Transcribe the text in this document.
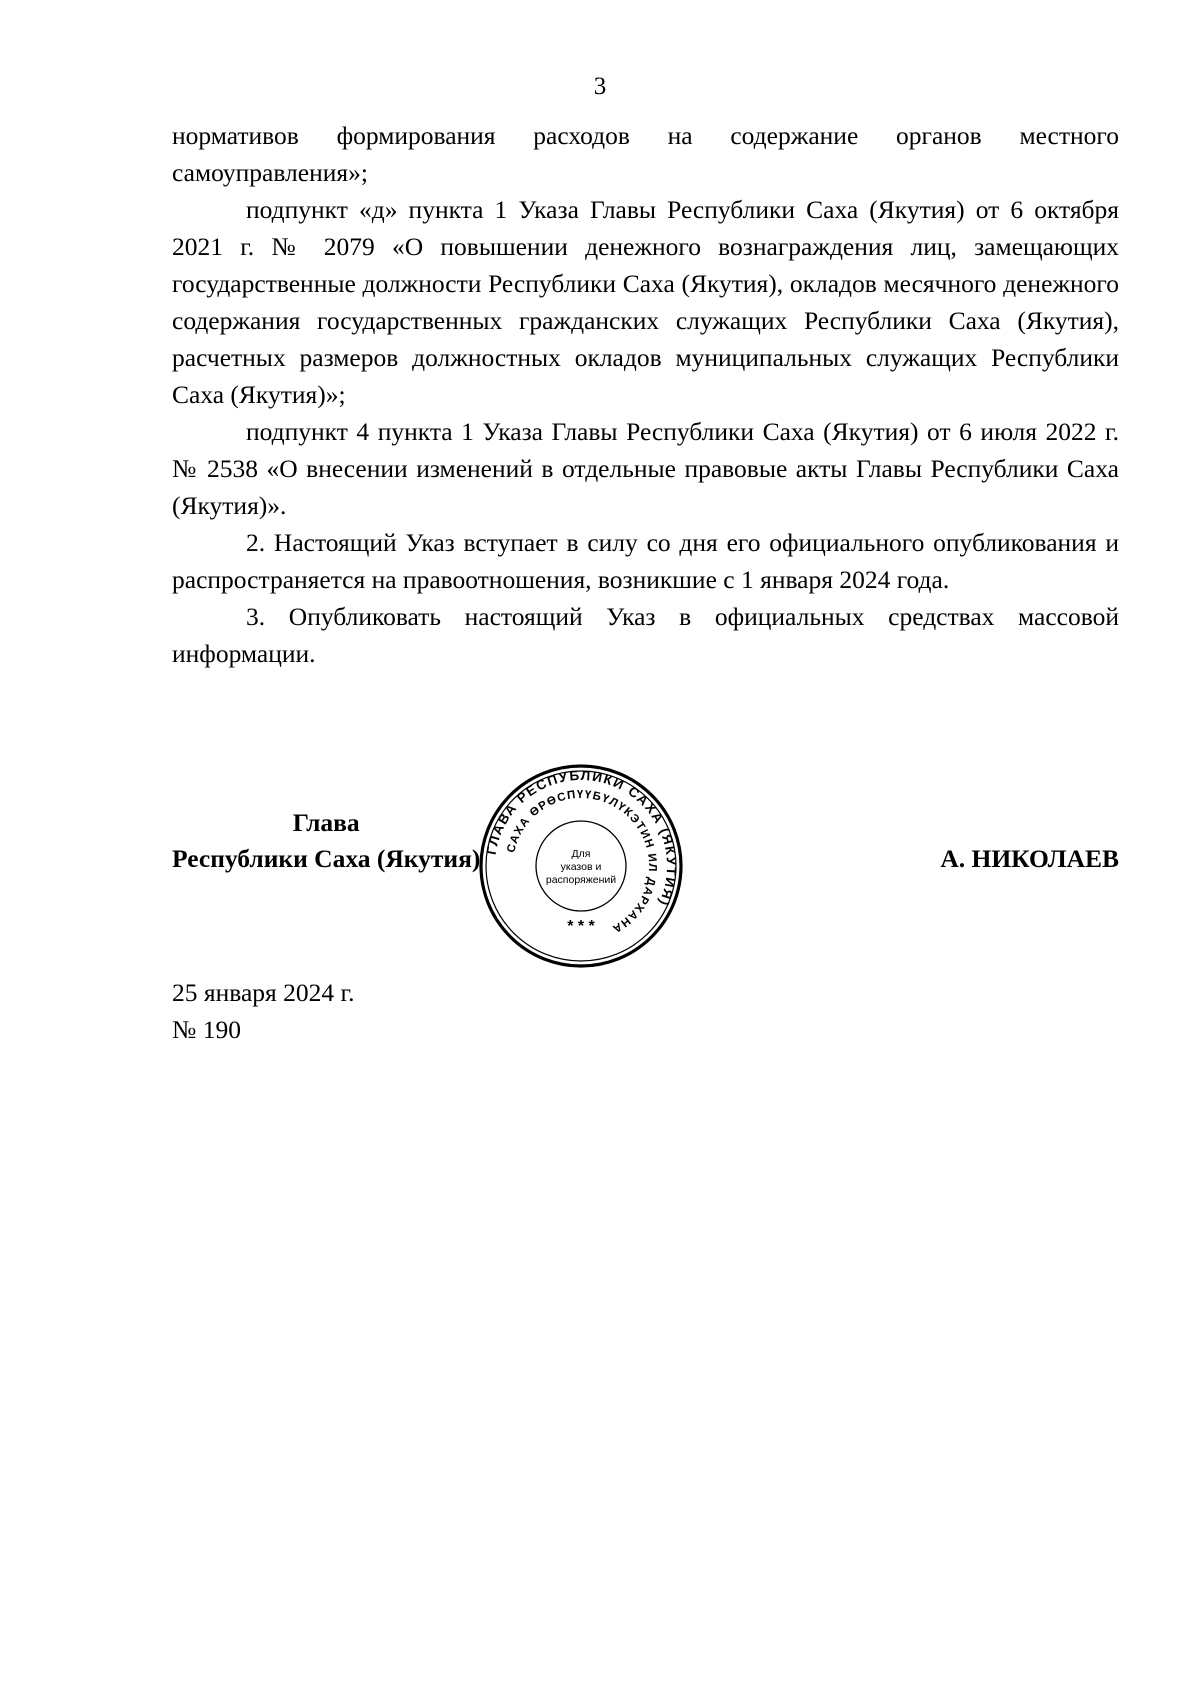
3

нормативов формирования расходов на содержание органов местного самоуправления»;

подпункт «д» пункта 1 Указа Главы Республики Саха (Якутия) от 6 октября 2021 г. № 2079 «О повышении денежного вознаграждения лиц, замещающих государственные должности Республики Саха (Якутия), окладов месячного денежного содержания государственных гражданских служащих Республики Саха (Якутия), расчетных размеров должностных окладов муниципальных служащих Республики Саха (Якутия)»;

подпункт 4 пункта 1 Указа Главы Республики Саха (Якутия) от 6 июля 2022 г. № 2538 «О внесении изменений в отдельные правовые акты Главы Республики Саха (Якутия)».

2. Настоящий Указ вступает в силу со дня его официального опубликования и распространяется на правоотношения, возникшие с 1 января 2024 года.

3. Опубликовать настоящий Указ в официальных средствах массовой информации.

Глава
Республики Саха (Якутия)	А. НИКОЛАЕВ
ГЛАВА РЕСПУБЛИКИ САХА (ЯКУТИЯ)
САХА ӨРӨСПҮҮБҮЛҮКЭТИН ИЛ ДАРХАНА
Для
указов и
распоряжений
* * *
25 января 2024 г.
№ 190
